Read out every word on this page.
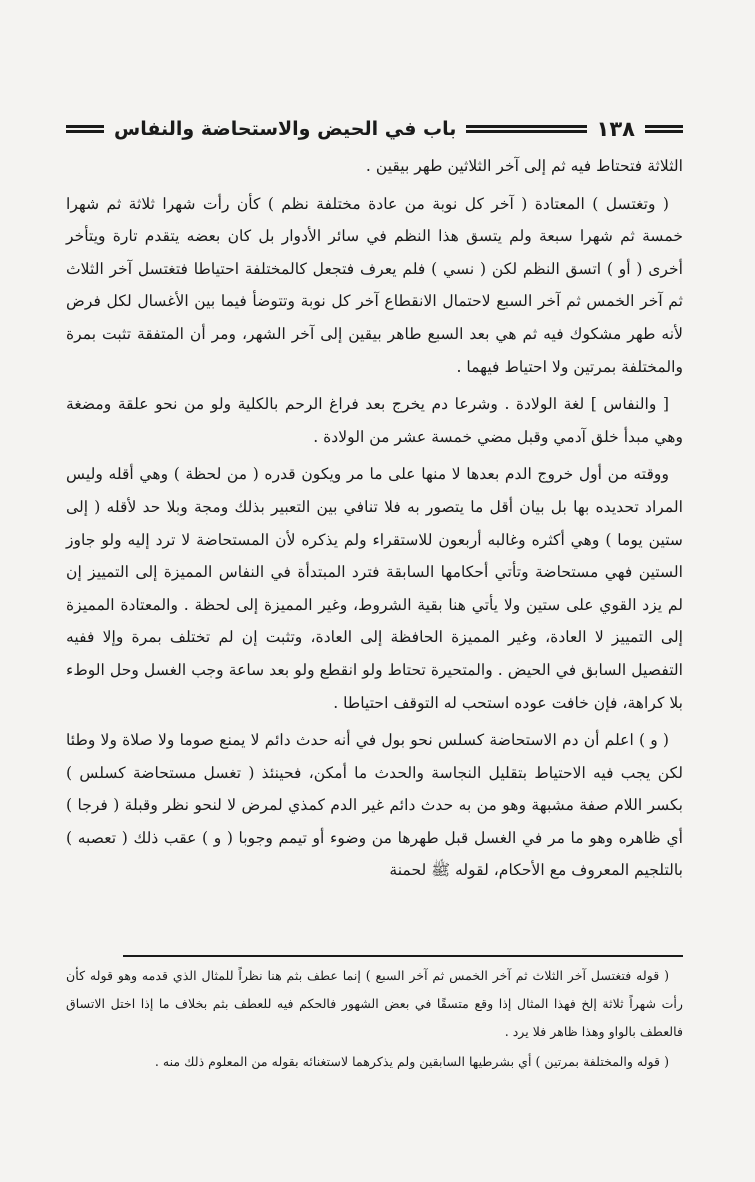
١٣٨
باب في الحيض والاستحاضة والنفاس

الثلاثة فتحتاط فيه ثم إلى آخر الثلاثين طهر بيقين .

( وتغتسل ) المعتادة ( آخر كل نوبة من عادة مختلفة نظم ) كأن رأت شهرا ثلاثة ثم شهرا خمسة ثم شهرا سبعة ولم يتسق هذا النظم في سائر الأدوار بل كان بعضه يتقدم تارة ويتأخر أخرى ( أو ) اتسق النظم لكن ( نسي ) فلم يعرف فتجعل كالمختلفة احتياطا فتغتسل آخر الثلاث ثم آخر الخمس ثم آخر السبع لاحتمال الانقطاع آخر كل نوبة وتتوضأ فيما بين الأغسال لكل فرض لأنه طهر مشكوك فيه ثم هي بعد السبع طاهر بيقين إلى آخر الشهر، ومر أن المتفقة تثبت بمرة والمختلفة بمرتين ولا احتياط فيهما .

[ والنفاس ] لغة الولادة . وشرعا دم يخرج بعد فراغ الرحم بالكلية ولو من نحو علقة ومضغة وهي مبدأ خلق آدمي وقبل مضي خمسة عشر من الولادة .

ووقته من أول خروج الدم بعدها لا منها على ما مر ويكون قدره ( من لحظة ) وهي أقله وليس المراد تحديده بها بل بيان أقل ما يتصور به فلا تنافي بين التعبير بذلك ومجة وبلا حد لأقله ( إلى ستين يوما ) وهي أكثره وغالبه أربعون للاستقراء ولم يذكره لأن المستحاضة لا ترد إليه ولو جاوز الستين فهي مستحاضة وتأتي أحكامها السابقة فترد المبتدأة في النفاس المميزة إلى التمييز إن لم يزد القوي على ستين ولا يأتي هنا بقية الشروط، وغير المميزة إلى لحظة . والمعتادة المميزة إلى التمييز لا العادة، وغير المميزة الحافظة إلى العادة، وتثبت إن لم تختلف بمرة وإلا ففيه التفصيل السابق في الحيض . والمتحيرة تحتاط ولو انقطع ولو بعد ساعة وجب الغسل وحل الوطء بلا كراهة، فإن خافت عوده استحب له التوقف احتياطا .

( و ) اعلم أن دم الاستحاضة كسلس نحو بول في أنه حدث دائم لا يمنع صوما ولا صلاة ولا وطئا لكن يجب فيه الاحتياط بتقليل النجاسة والحدث ما أمكن، فحينئذ ( تغسل مستحاضة كسلس ) بكسر اللام صفة مشبهة وهو من به حدث دائم غير الدم كمذي لمرض لا لنحو نظر وقبلة ( فرجا ) أي ظاهره وهو ما مر في الغسل قبل طهرها من وضوء أو تيمم وجوبا ( و ) عقب ذلك ( تعصبه ) بالتلجيم المعروف مع الأحكام، لقوله ﷺ لحمنة

( قوله فتغتسل آخر الثلاث ثم آخر الخمس ثم آخر السبع ) إنما عطف بثم هنا نظراً للمثال الذي قدمه وهو قوله كأن رأت شهراً ثلاثة إلخ فهذا المثال إذا وقع متسقًا في بعض الشهور فالحكم فيه للعطف بثم بخلاف ما إذا اختل الاتساق فالعطف بالواو وهذا ظاهر فلا يرد .

( قوله والمختلفة بمرتين ) أي بشرطيها السابقين ولم يذكرهما لاستغنائه بقوله من المعلوم ذلك منه .
